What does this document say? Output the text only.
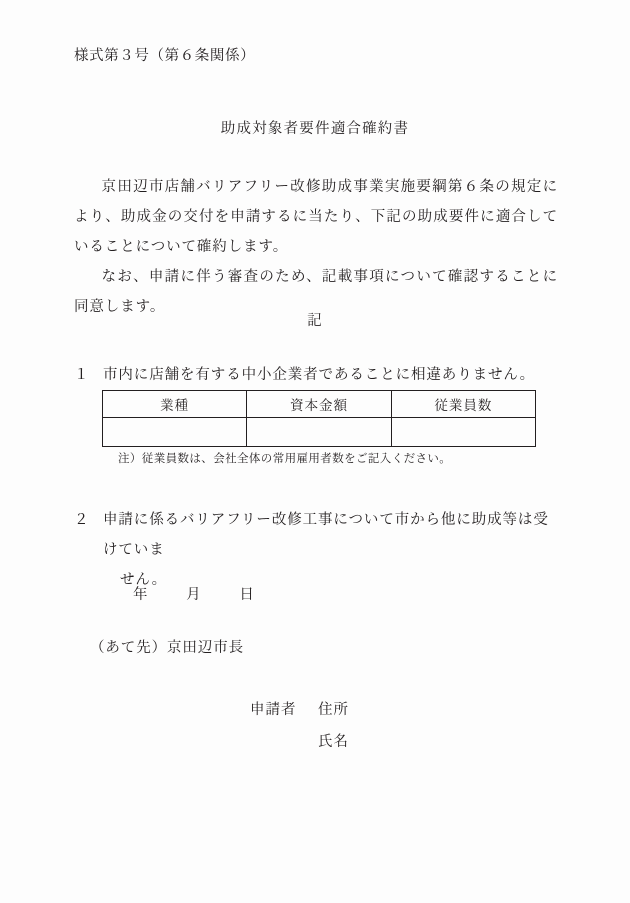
様式第３号（第６条関係）
助成対象者要件適合確約書

京田辺市店舗バリアフリー改修助成事業実施要綱第６条の規定により、助成金の交付を申請するに当たり、下記の助成要件に適合していることについて確約します。

なお、申請に伴う審査のため、記載事項について確認することに同意します。

記
１ 市内に店舗を有する中小企業者であることに相違ありません。

業種	資本金額	従業員数

注）従業員数は、会社全体の常用雇用者数をご記入ください。
２ 申請に係るバリアフリー改修工事について市から他に助成等は受けていま

せん。

年	月	日
（あて先）京田辺市長
申請者	住所
氏名
